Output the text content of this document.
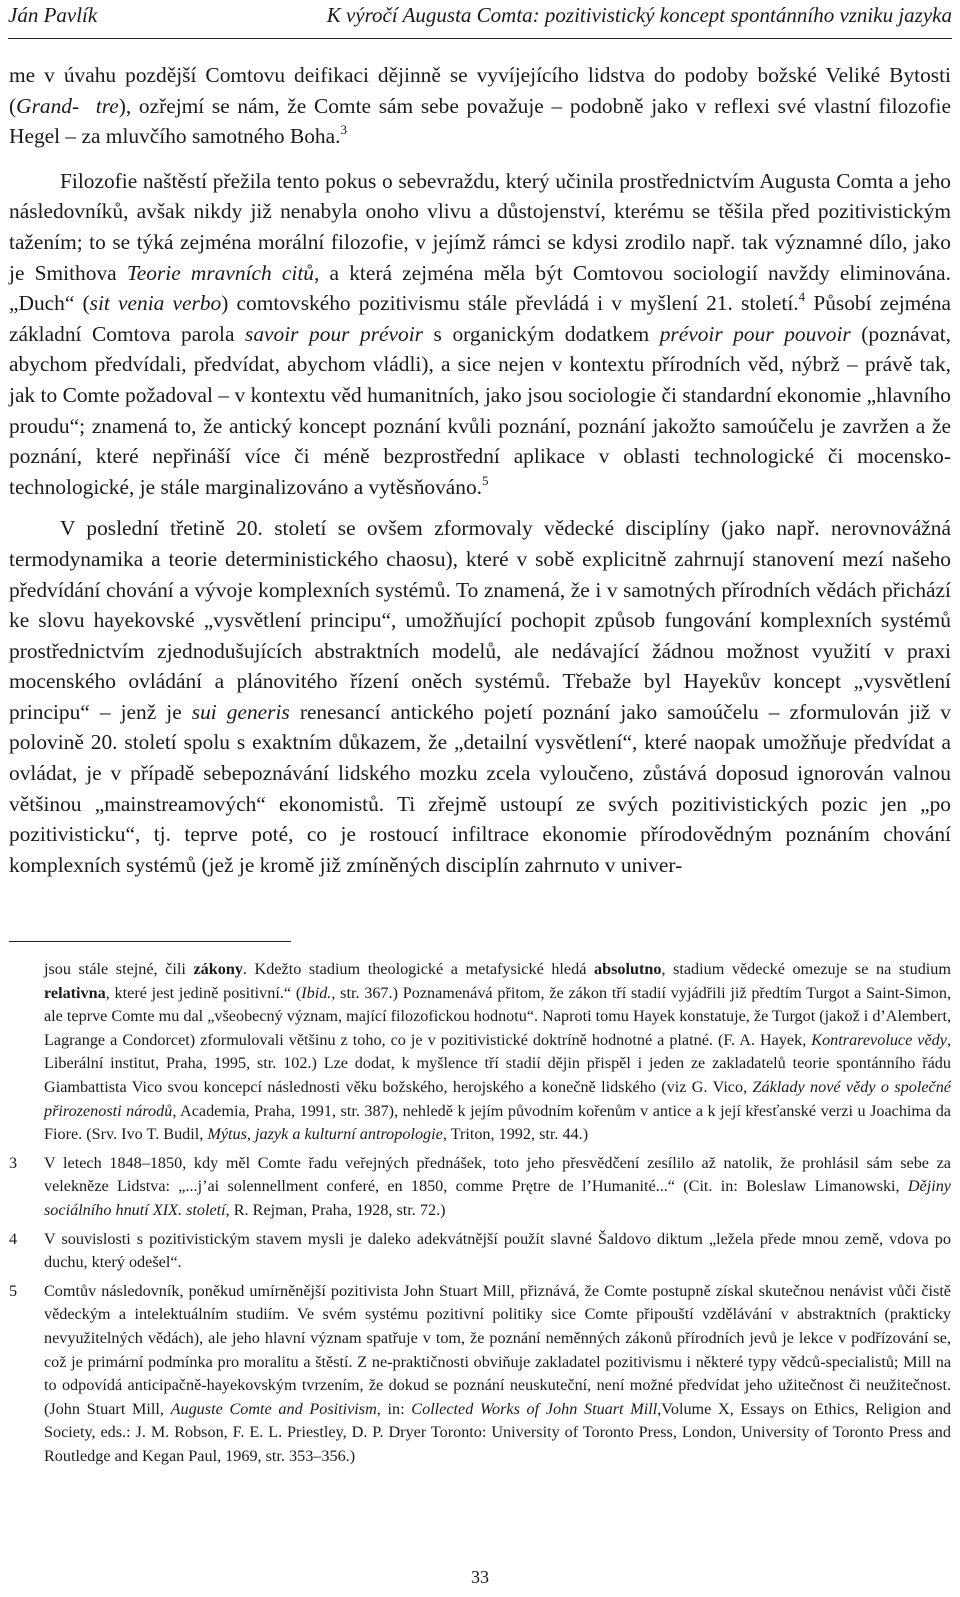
Ján Pavlík	K výročí Augusta Comta: pozitivistický koncept spontánního vzniku jazyka

me v úvahu pozdější Comtovu deifikaci dějinně se vyvíjejícího lidstva do podoby božské Veliké Bytosti (Grand- tre), ozřejmí se nám, že Comte sám sebe považuje – podobně jako v reflexi své vlastní filozofie Hegel – za mluvčího samotného Boha.$^3$

Filozofie naštěstí přežila tento pokus o sebevraždu, který učinila prostřednictvím Augusta Comta a jeho následovníků, avšak nikdy již nenabyla onoho vlivu a důstojenství, kterému se těšila před pozitivistickým tažením; to se týká zejména morální filozofie, v jejímž rámci se kdysi zrodilo např. tak významné dílo, jako je Smithova Teorie mravních citů, a která zejména měla být Comtovou sociologií navždy eliminována. „Duch“ (sit venia verbo) comtovského pozitivismu stále převládá i v myšlení 21. století.$^4$ Působí zejména základní Comtova parola savoir pour prévoir s organickým dodatkem prévoir pour pouvoir (poznávat, abychom předvídali, předvídat, abychom vládli), a sice nejen v kontextu přírodních věd, nýbrž – právě tak, jak to Comte požadoval – v kontextu věd humanitních, jako jsou sociologie či standardní ekonomie „hlavního proudu“; znamená to, že antický koncept poznání kvůli poznání, poznání jakožto samoúčelu je zavržen a že poznání, které nepřináší více či méně bezprostřední aplikace v oblasti technologické či mocensko-technologické, je stále marginalizováno a vytěsňováno.$^5$

V poslední třetině 20. století se ovšem zformovaly vědecké disciplíny (jako např. nerovnovážná termodynamika a teorie deterministického chaosu), které v sobě explicitně zahrnují stanovení mezí našeho předvídání chování a vývoje komplexních systémů. To znamená, že i v samotných přírodních vědách přichází ke slovu hayekovské „vysvětlení principu“, umožňující pochopit způsob fungování komplexních systémů prostřednictvím zjednodušujících abstraktních modelů, ale nedávající žádnou možnost využití v praxi mocenského ovládání a plánovitého řízení oněch systémů. Třebaže byl Hayekův koncept „vysvětlení principu“ – jenž je sui generis renesancí antického pojetí poznání jako samoúčelu – zformulován již v polovině 20. století spolu s exaktním důkazem, že „detailní vysvětlení“, které naopak umožňuje předvídat a ovládat, je v případě sebepoznávání lidského mozku zcela vyloučeno, zůstává doposud ignorován valnou většinou „mainstreamových“ ekonomistů. Ti zřejmě ustoupí ze svých pozitivistických pozic jen „po pozitivisticku“, tj. teprve poté, co je rostoucí infiltrace ekonomie přírodovědným poznáním chování komplexních systémů (jež je kromě již zmíněných disciplín zahrnuto v univer-

jsou stále stejné, čili zákony. Kdežto stadium theologické a metafysické hledá absolutno, stadium vědecké omezuje se na studium relativna, které jest jedině positivní.“ (Ibid., str. 367.) Poznamenává přitom, že zákon tří stadií vyjádřili již předtím Turgot a Saint-Simon, ale teprve Comte mu dal „všeobecný význam, mající filozofickou hodnotu“. Naproti tomu Hayek konstatuje, že Turgot (jakož i d’Alembert, Lagrange a Condorcet) zformulovali většinu z toho, co je v pozitivistické doktríně hodnotné a platné. (F. A. Hayek, Kontrarevoluce vědy, Liberální institut, Praha, 1995, str. 102.) Lze dodat, k myšlence tří stadií dějin přispěl i jeden ze zakladatelů teorie spontánního řádu Giambattista Vico svou koncepcí následnosti věku božského, herojského a konečně lidského (viz G. Vico, Základy nové vědy o společné přirozenosti národů, Academia, Praha, 1991, str. 387), nehledě k jejím původním kořenům v antice a k její křesťanské verzi u Joachima da Fiore. (Srv. Ivo T. Budil, Mýtus, jazyk a kulturní antropologie, Triton, 1992, str. 44.)
3 V letech 1848–1850, kdy měl Comte řadu veřejných přednášek, toto jeho přesvědčení zesílilo až natolik, že prohlásil sám sebe za velekněze Lidstva: „...j’ai solennellment conferé, en 1850, comme Prętre de l’Humanité...“ (Cit. in: Boleslaw Limanowski, Dějiny sociálního hnutí XIX. století, R. Rejman, Praha, 1928, str. 72.)
4 V souvislosti s pozitivistickým stavem mysli je daleko adekvátnější použít slavné Šaldovo diktum „ležela přede mnou země, vdova po duchu, který odešel“.
5 Comtův následovník, poněkud umírněnější pozitivista John Stuart Mill, přiznává, že Comte postupně získal skutečnou nenávist vůči čistě vědeckým a intelektuálním studiím. Ve svém systému pozitivní politiky sice Comte připouští vzdělávání v abstraktních (prakticky nevyužitelných vědách), ale jeho hlavní význam spatřuje v tom, že poznání neměnných zákonů přírodních jevů je lekce v podřízování se, což je primární podmínka pro moralitu a štěstí. Z ne-praktičnosti obviňuje zakladatel pozitivismu i některé typy vědců-specialistů; Mill na to odpovídá anticipačně-hayekovským tvrzením, že dokud se poznání neuskuteční, není možné předvídat jeho užitečnost či neužitečnost. (John Stuart Mill, Auguste Comte and Positivism, in: Collected Works of John Stuart Mill,Volume X, Essays on Ethics, Religion and Society, eds.: J. M. Robson, F. E. L. Priestley, D. P. Dryer Toronto: University of Toronto Press, London, University of Toronto Press and Routledge and Kegan Paul, 1969, str. 353–356.)
33
